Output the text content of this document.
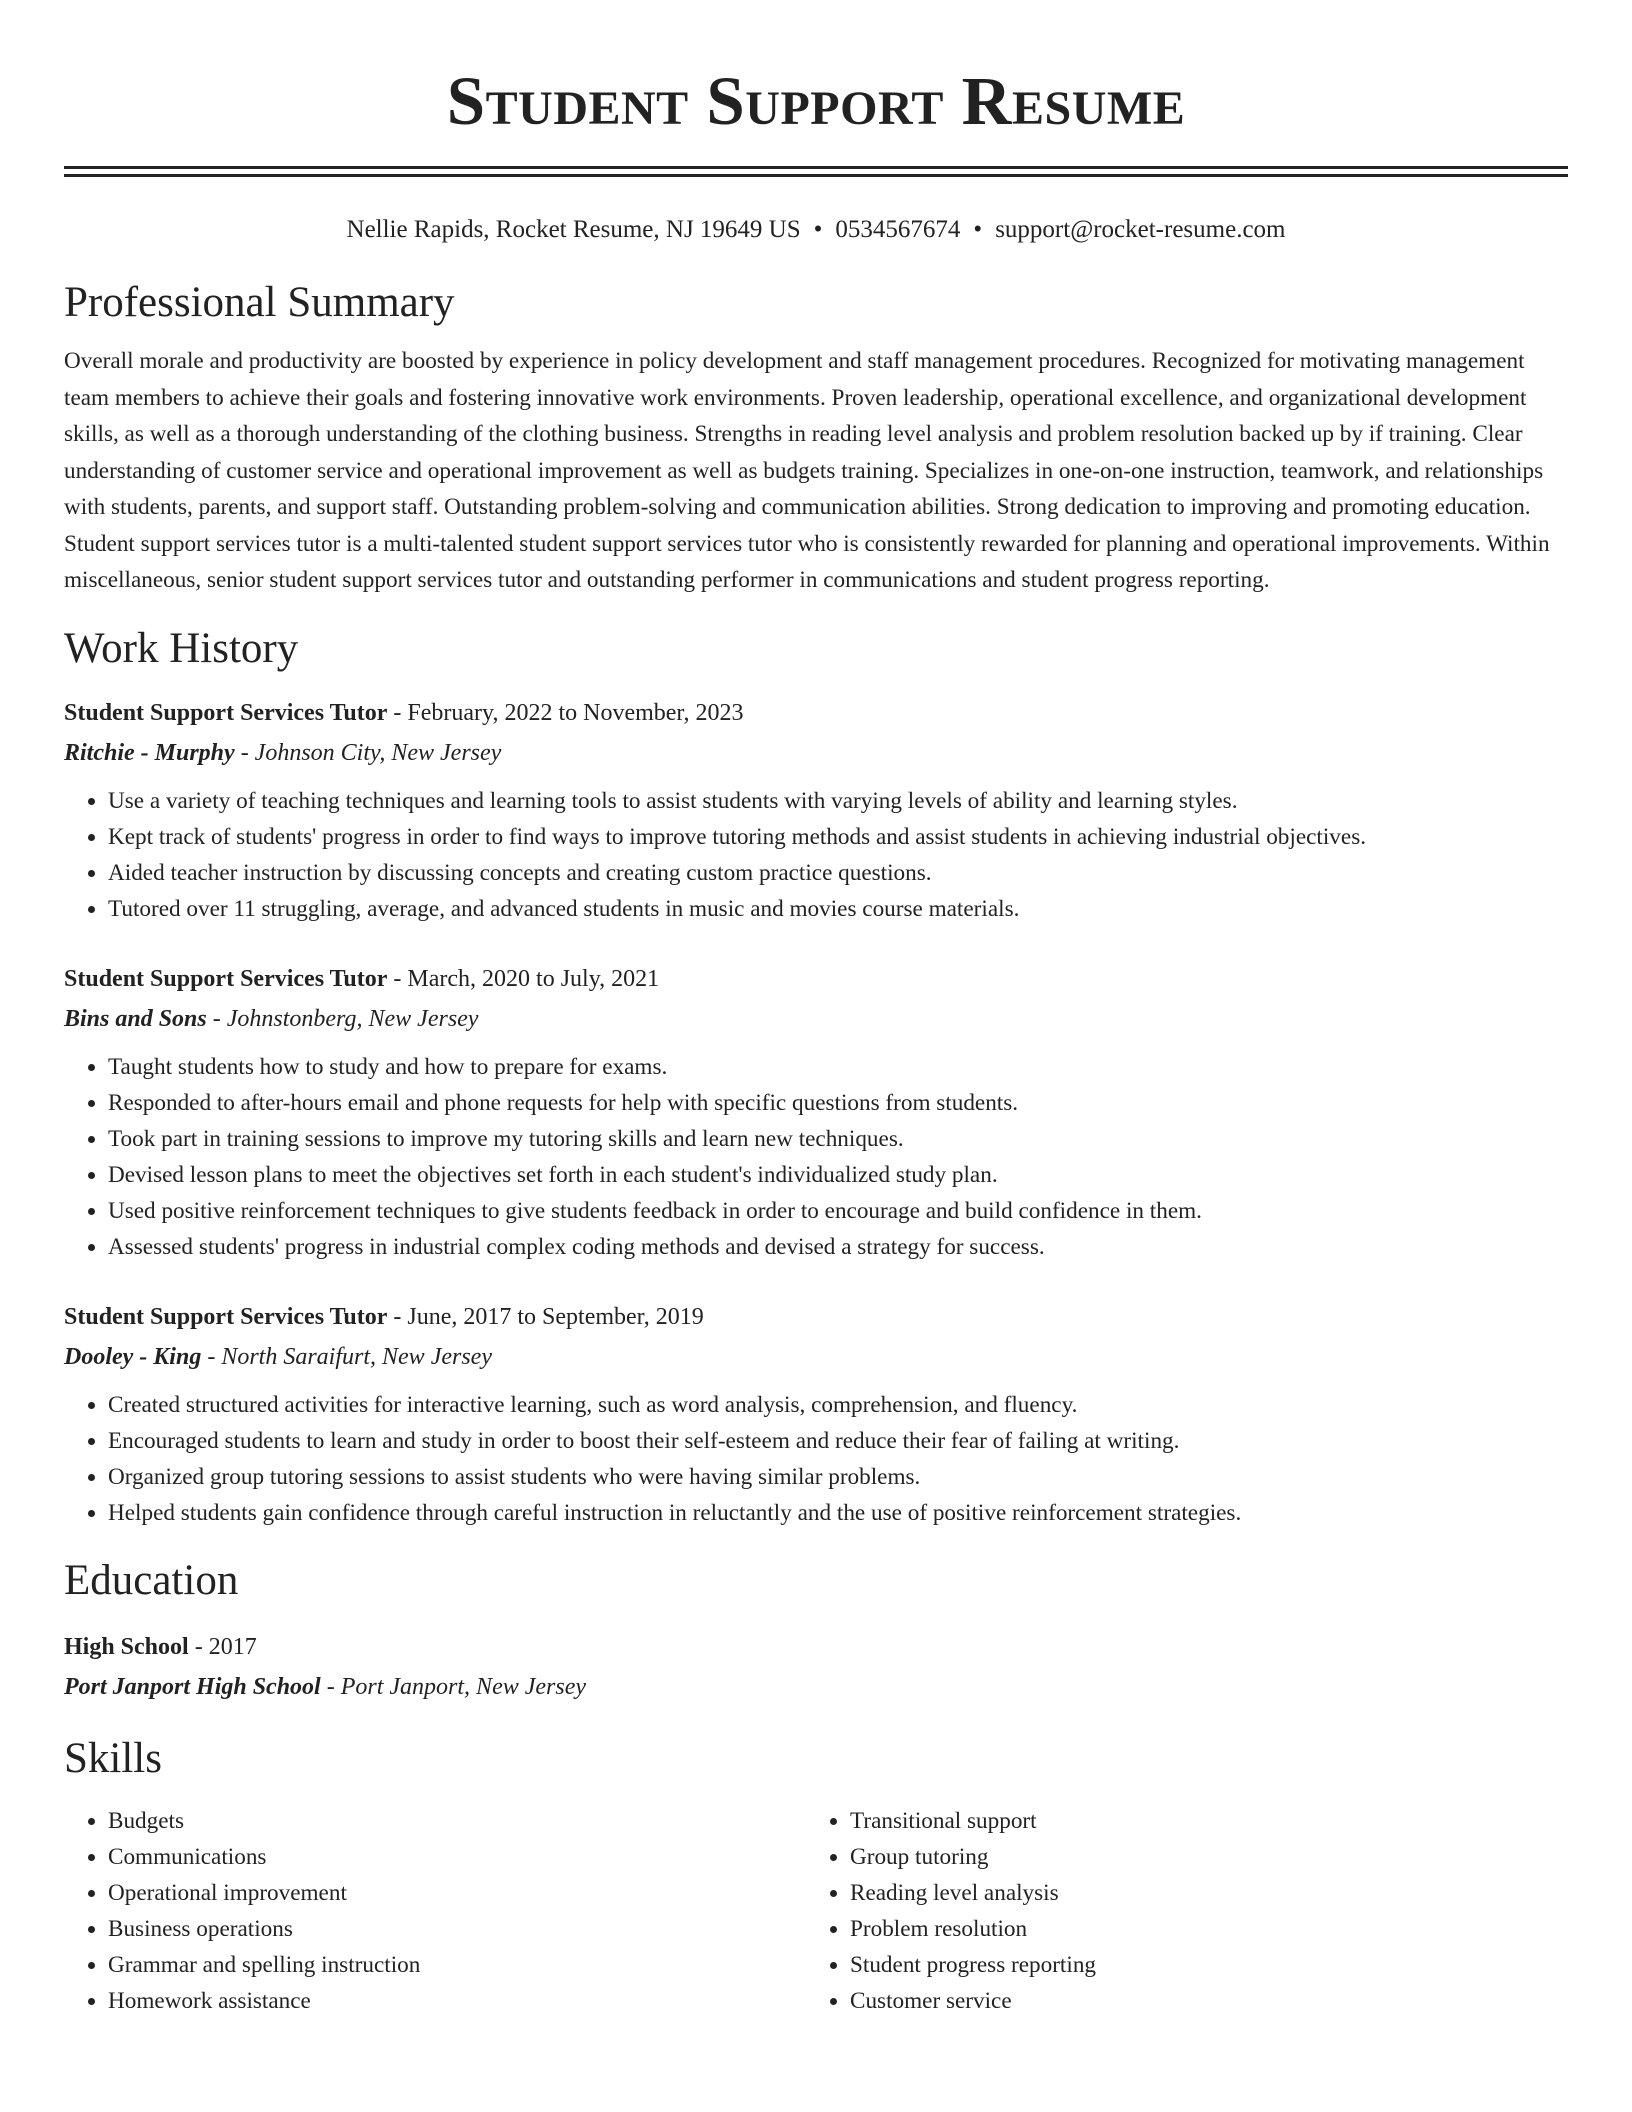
Student Support Resume
Nellie Rapids, Rocket Resume, NJ 19649 US • 0534567674 • support@rocket-resume.com
Professional Summary
Overall morale and productivity are boosted by experience in policy development and staff management procedures. Recognized for motivating management team members to achieve their goals and fostering innovative work environments. Proven leadership, operational excellence, and organizational development skills, as well as a thorough understanding of the clothing business. Strengths in reading level analysis and problem resolution backed up by if training. Clear understanding of customer service and operational improvement as well as budgets training. Specializes in one-on-one instruction, teamwork, and relationships with students, parents, and support staff. Outstanding problem-solving and communication abilities. Strong dedication to improving and promoting education. Student support services tutor is a multi-talented student support services tutor who is consistently rewarded for planning and operational improvements. Within miscellaneous, senior student support services tutor and outstanding performer in communications and student progress reporting.
Work History
Student Support Services Tutor - February, 2022 to November, 2023
Ritchie - Murphy - Johnson City, New Jersey
• Use a variety of teaching techniques and learning tools to assist students with varying levels of ability and learning styles.
• Kept track of students' progress in order to find ways to improve tutoring methods and assist students in achieving industrial objectives.
• Aided teacher instruction by discussing concepts and creating custom practice questions.
• Tutored over 11 struggling, average, and advanced students in music and movies course materials.
Student Support Services Tutor - March, 2020 to July, 2021
Bins and Sons - Johnstonberg, New Jersey
• Taught students how to study and how to prepare for exams.
• Responded to after-hours email and phone requests for help with specific questions from students.
• Took part in training sessions to improve my tutoring skills and learn new techniques.
• Devised lesson plans to meet the objectives set forth in each student's individualized study plan.
• Used positive reinforcement techniques to give students feedback in order to encourage and build confidence in them.
• Assessed students' progress in industrial complex coding methods and devised a strategy for success.
Student Support Services Tutor - June, 2017 to September, 2019
Dooley - King - North Saraifurt, New Jersey
• Created structured activities for interactive learning, such as word analysis, comprehension, and fluency.
• Encouraged students to learn and study in order to boost their self-esteem and reduce their fear of failing at writing.
• Organized group tutoring sessions to assist students who were having similar problems.
• Helped students gain confidence through careful instruction in reluctantly and the use of positive reinforcement strategies.
Education
High School - 2017
Port Janport High School - Port Janport, New Jersey
Skills
• Budgets
• Communications
• Operational improvement
• Business operations
• Grammar and spelling instruction
• Homework assistance
• Transitional support
• Group tutoring
• Reading level analysis
• Problem resolution
• Student progress reporting
• Customer service
